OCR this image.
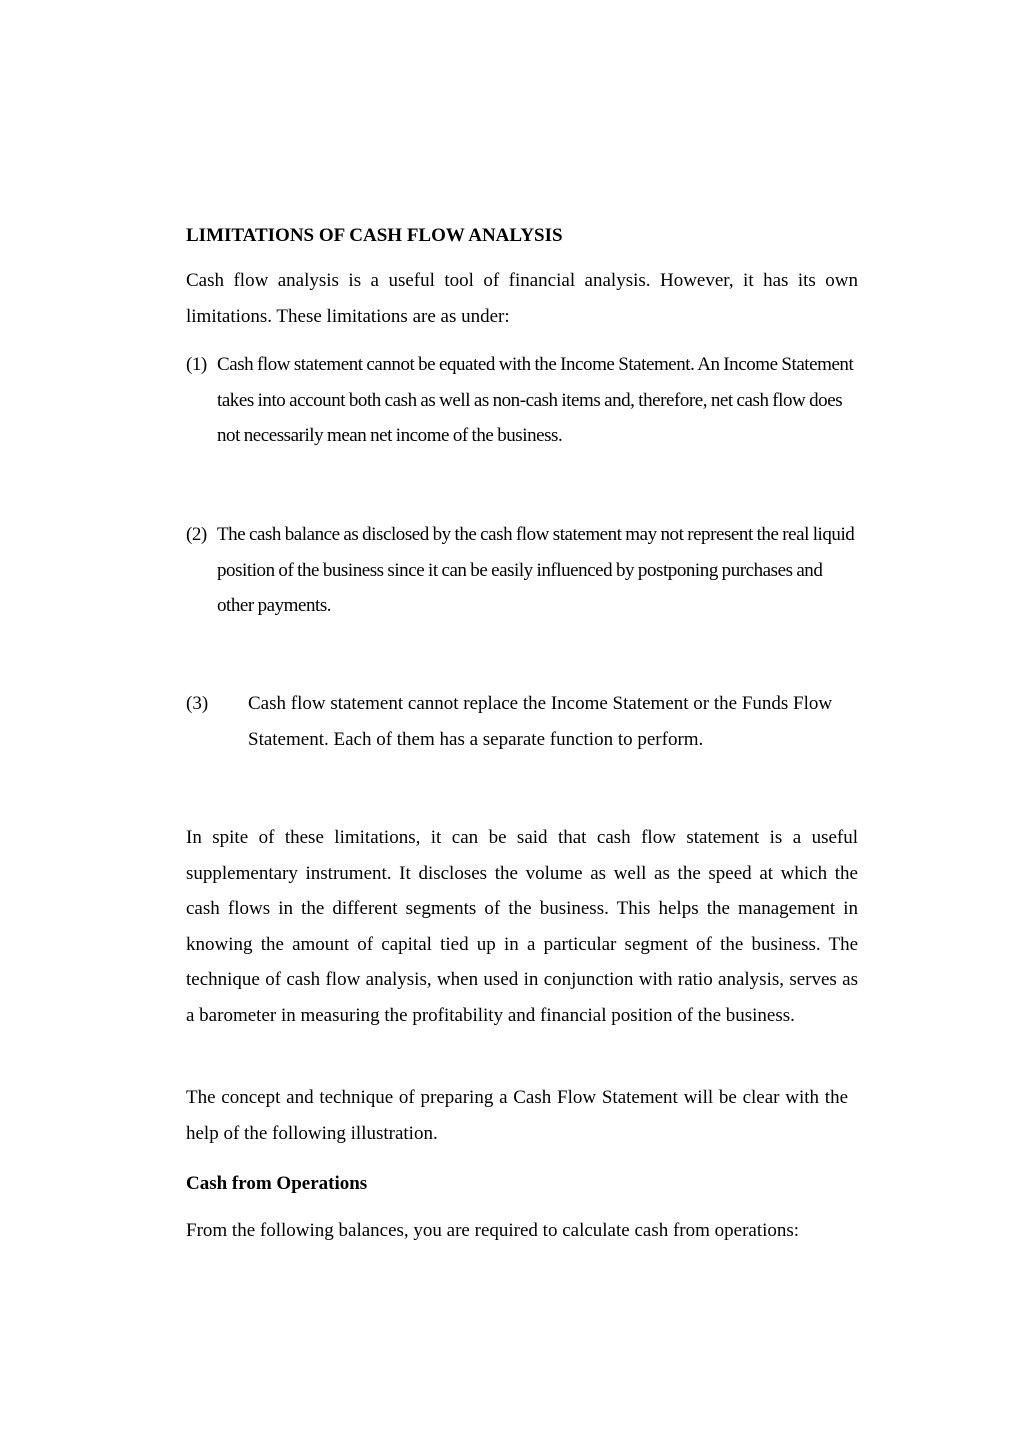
LIMITATIONS OF CASH FLOW ANALYSIS

Cash flow analysis is a useful tool of financial analysis. However, it has its own limitations. These limitations are as under:

(1) Cash flow statement cannot be equated with the Income Statement. An Income Statement takes into account both cash as well as non-cash items and, therefore, net cash flow does not necessarily mean net income of the business.
(2) The cash balance as disclosed by the cash flow statement may not represent the real liquid position of the business since it can be easily influenced by postponing purchases and other payments.
(3)	Cash flow statement cannot replace the Income Statement or the Funds Flow Statement. Each of them has a separate function to perform.

In spite of these limitations, it can be said that cash flow statement is a useful supplementary instrument. It discloses the volume as well as the speed at which the cash flows in the different segments of the business. This helps the management in knowing the amount of capital tied up in a particular segment of the business. The technique of cash flow analysis, when used in conjunction with ratio analysis, serves as a barometer in measuring the profitability and financial position of the business.

The concept and technique of preparing a Cash Flow Statement will be clear with the help of the following illustration.

Cash from Operations

From the following balances, you are required to calculate cash from operations:
